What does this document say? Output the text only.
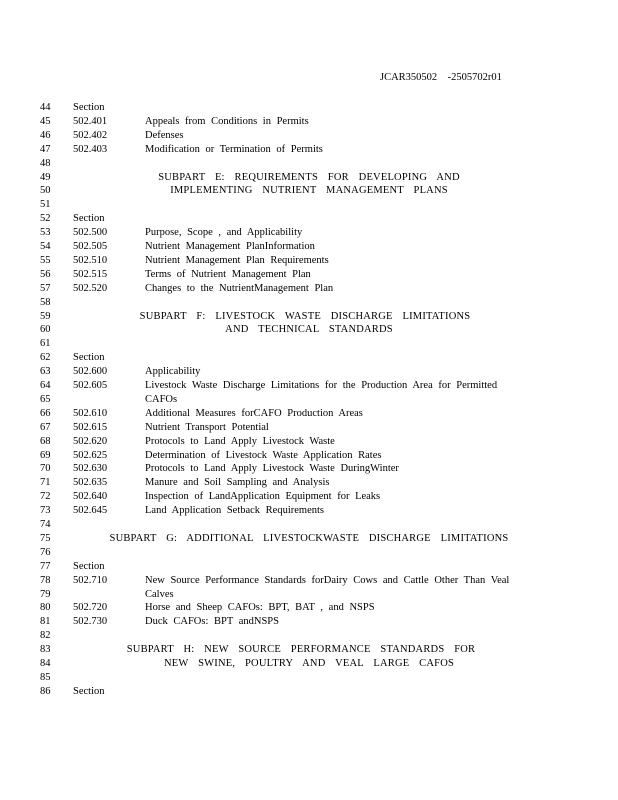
JCAR350502    -2505702r01
44 Section
45 502.401	Appeals from Conditions in Permits
46 502.402	Defenses
47 502.403	Modification or Termination of Permits
48
49	SUBPART E: REQUIREMENTS FOR DEVELOPING AND
50	IMPLEMENTING NUTRIENT MANAGEMENT PLANS
51
52 Section
53 502.500	Purpose, Scope , and Applicability
54 502.505	Nutrient Management PlanInformation
55 502.510	Nutrient Management Plan Requirements
56 502.515	Terms of Nutrient Management Plan
57 502.520	Changes to the NutrientManagement Plan
58
59	SUBPART F: LIVESTOCK WASTE DISCHARGE LIMITATIONS
60	AND TECHNICAL STANDARDS
61
62 Section
63 502.600	Applicability
64 502.605	Livestock Waste Discharge Limitations for the Production Area for Permitted
65	CAFOs
66 502.610	Additional Measures forCAFO Production Areas
67 502.615	Nutrient Transport Potential
68 502.620	Protocols to Land Apply Livestock Waste
69 502.625	Determination of Livestock Waste Application Rates
70 502.630	Protocols to Land Apply Livestock Waste DuringWinter
71 502.635	Manure and Soil Sampling and Analysis
72 502.640	Inspection of LandApplication Equipment for Leaks
73 502.645	Land Application Setback Requirements
74
75	SUBPART G: ADDITIONAL LIVESTOCKWASTE DISCHARGE LIMITATIONS
76
77 Section
78 502.710	New Source Performance Standards forDairy Cows and Cattle Other Than Veal
79	Calves
80 502.720	Horse and Sheep CAFOs: BPT, BAT , and NSPS
81 502.730	Duck CAFOs: BPT andNSPS
82
83	SUBPART H: NEW SOURCE PERFORMANCE STANDARDS FOR
84	NEW SWINE, POULTRY AND VEAL LARGE CAFOS
85
86 Section
